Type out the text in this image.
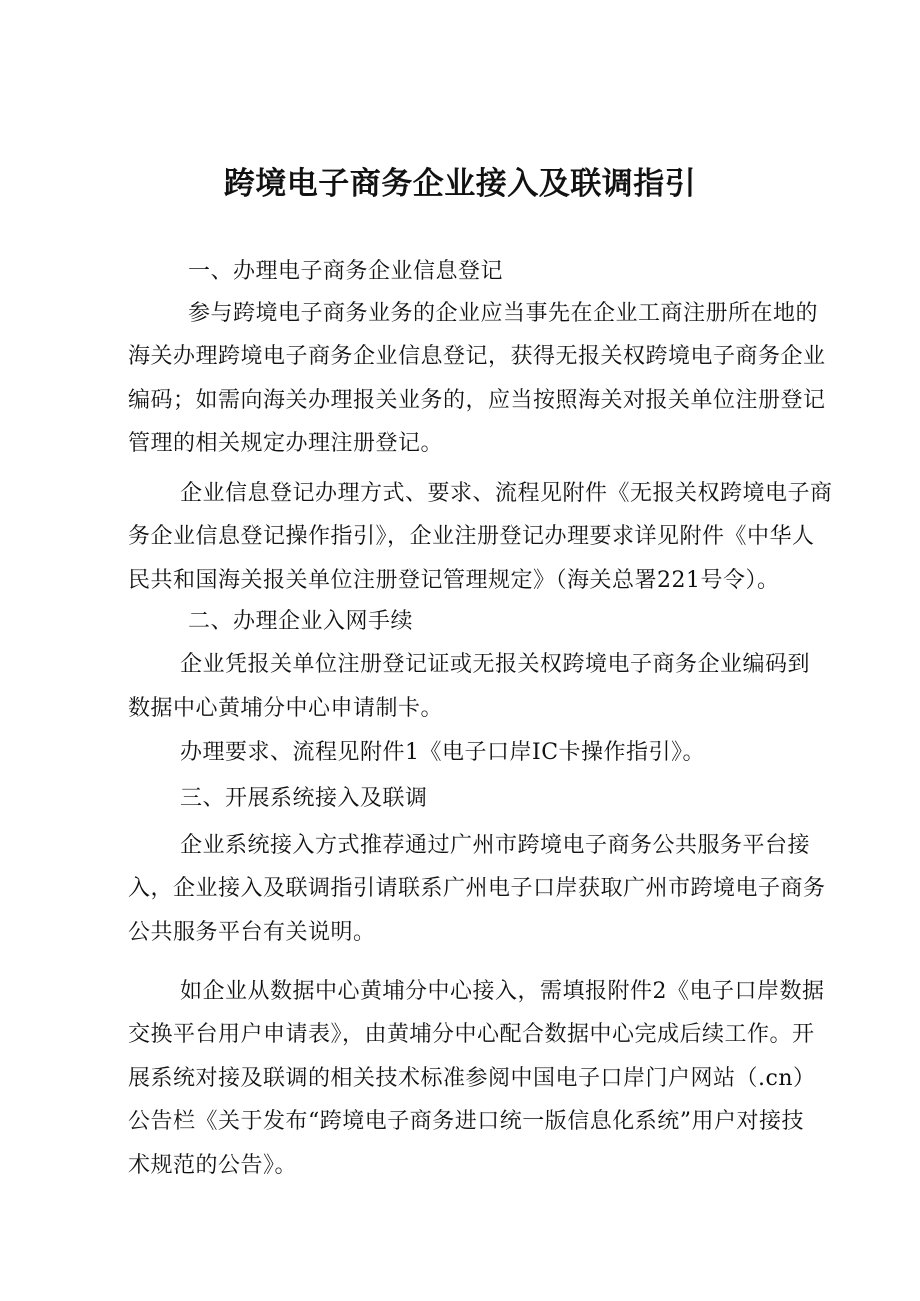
跨境电子商务企业接入及联调指引
一、办理电子商务企业信息登记
参与跨境电子商务业务的企业应当事先在企业工商注册所在地的
海关办理跨境电子商务企业信息登记，获得无报关权跨境电子商务企业
编码；如需向海关办理报关业务的，应当按照海关对报关单位注册登记
管理的相关规定办理注册登记。
企业信息登记办理方式、要求、流程见附件《无报关权跨境电子商
务企业信息登记操作指引》，企业注册登记办理要求详见附件《中华人
民共和国海关报关单位注册登记管理规定》（海关总署221号令）。
二、办理企业入网手续
企业凭报关单位注册登记证或无报关权跨境电子商务企业编码到
数据中心黄埔分中心申请制卡。
办理要求、流程见附件1《电子口岸IC卡操作指引》。
三、开展系统接入及联调
企业系统接入方式推荐通过广州市跨境电子商务公共服务平台接
入，企业接入及联调指引请联系广州电子口岸获取广州市跨境电子商务
公共服务平台有关说明。
如企业从数据中心黄埔分中心接入，需填报附件2《电子口岸数据
交换平台用户申请表》，由黄埔分中心配合数据中心完成后续工作。开
展系统对接及联调的相关技术标准参阅中国电子口岸门户网站（.cn）
公告栏《关于发布“跨境电子商务进口统一版信息化系统”用户对接技
术规范的公告》。
